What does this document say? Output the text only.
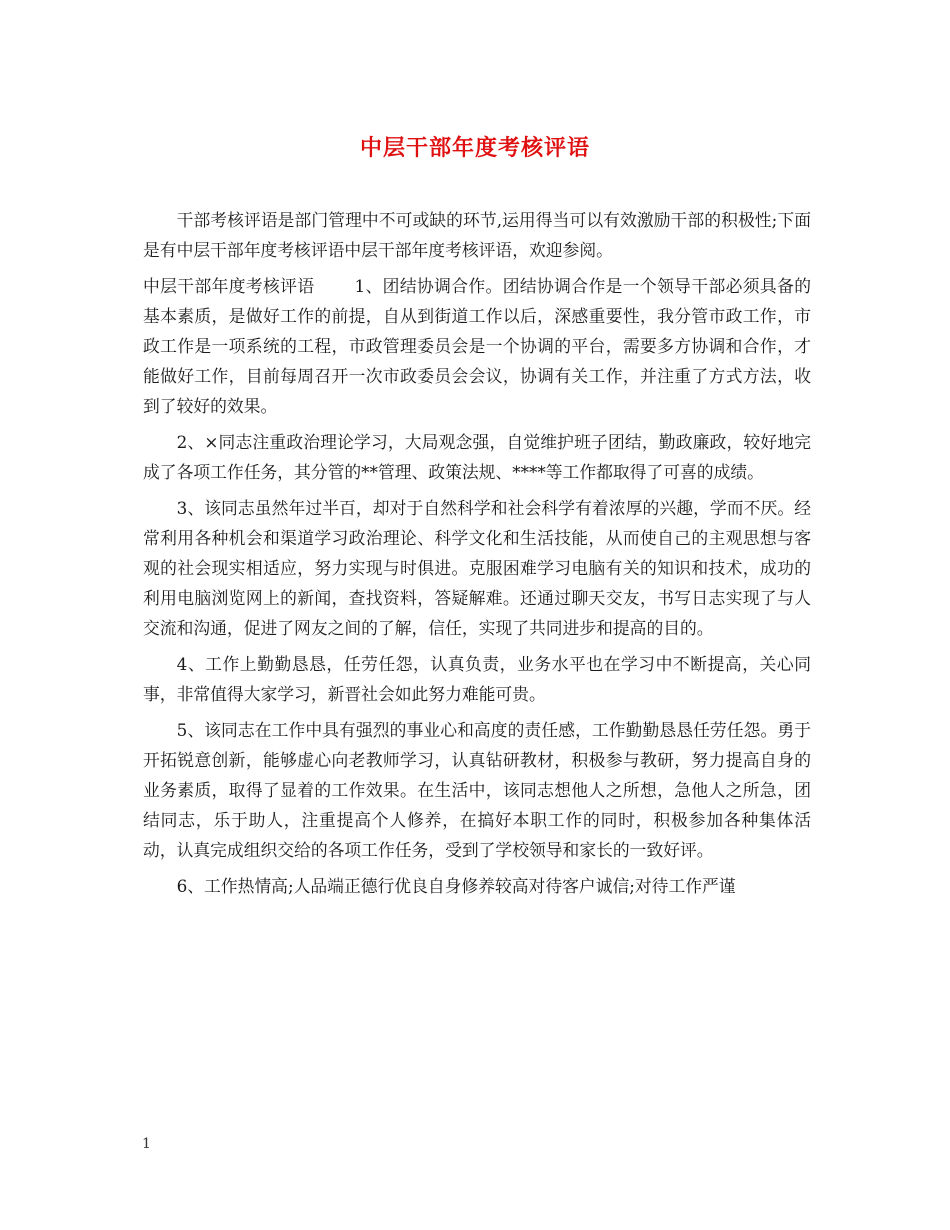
中层干部年度考核评语

干部考核评语是部门管理中不可或缺的环节,运用得当可以有效激励干部的积极性;下面是有中层干部年度考核评语中层干部年度考核评语，欢迎参阅。

中层干部年度考核评语　　 1、团结协调合作。团结协调合作是一个领导干部必须具备的基本素质，是做好工作的前提，自从到街道工作以后，深感重要性，我分管市政工作，市政工作是一项系统的工程，市政管理委员会是一个协调的平台，需要多方协调和合作，才能做好工作，目前每周召开一次市政委员会会议，协调有关工作，并注重了方式方法，收到了较好的效果。

2、×同志注重政治理论学习，大局观念强，自觉维护班子团结，勤政廉政，较好地完成了各项工作任务，其分管的**管理、政策法规、****等工作都取得了可喜的成绩。

3、该同志虽然年过半百，却对于自然科学和社会科学有着浓厚的兴趣，学而不厌。经常利用各种机会和渠道学习政治理论、科学文化和生活技能，从而使自己的主观思想与客观的社会现实相适应，努力实现与时俱进。克服困难学习电脑有关的知识和技术，成功的利用电脑浏览网上的新闻，查找资料，答疑解难。还通过聊天交友，书写日志实现了与人交流和沟通，促进了网友之间的了解，信任，实现了共同进步和提高的目的。

4、工作上勤勤恳恳，任劳任怨，认真负责，业务水平也在学习中不断提高，关心同事，非常值得大家学习，新晋社会如此努力难能可贵。

5、该同志在工作中具有强烈的事业心和高度的责任感，工作勤勤恳恳任劳任怨。勇于开拓锐意创新，能够虚心向老教师学习，认真钻研教材，积极参与教研，努力提高自身的业务素质，取得了显着的工作效果。在生活中，该同志想他人之所想，急他人之所急，团结同志，乐于助人，注重提高个人修养，在搞好本职工作的同时，积极参加各种集体活动，认真完成组织交给的各项工作任务，受到了学校领导和家长的一致好评。

6、工作热情高;人品端正德行优良自身修养较高对待客户诚信;对待工作严谨

1
